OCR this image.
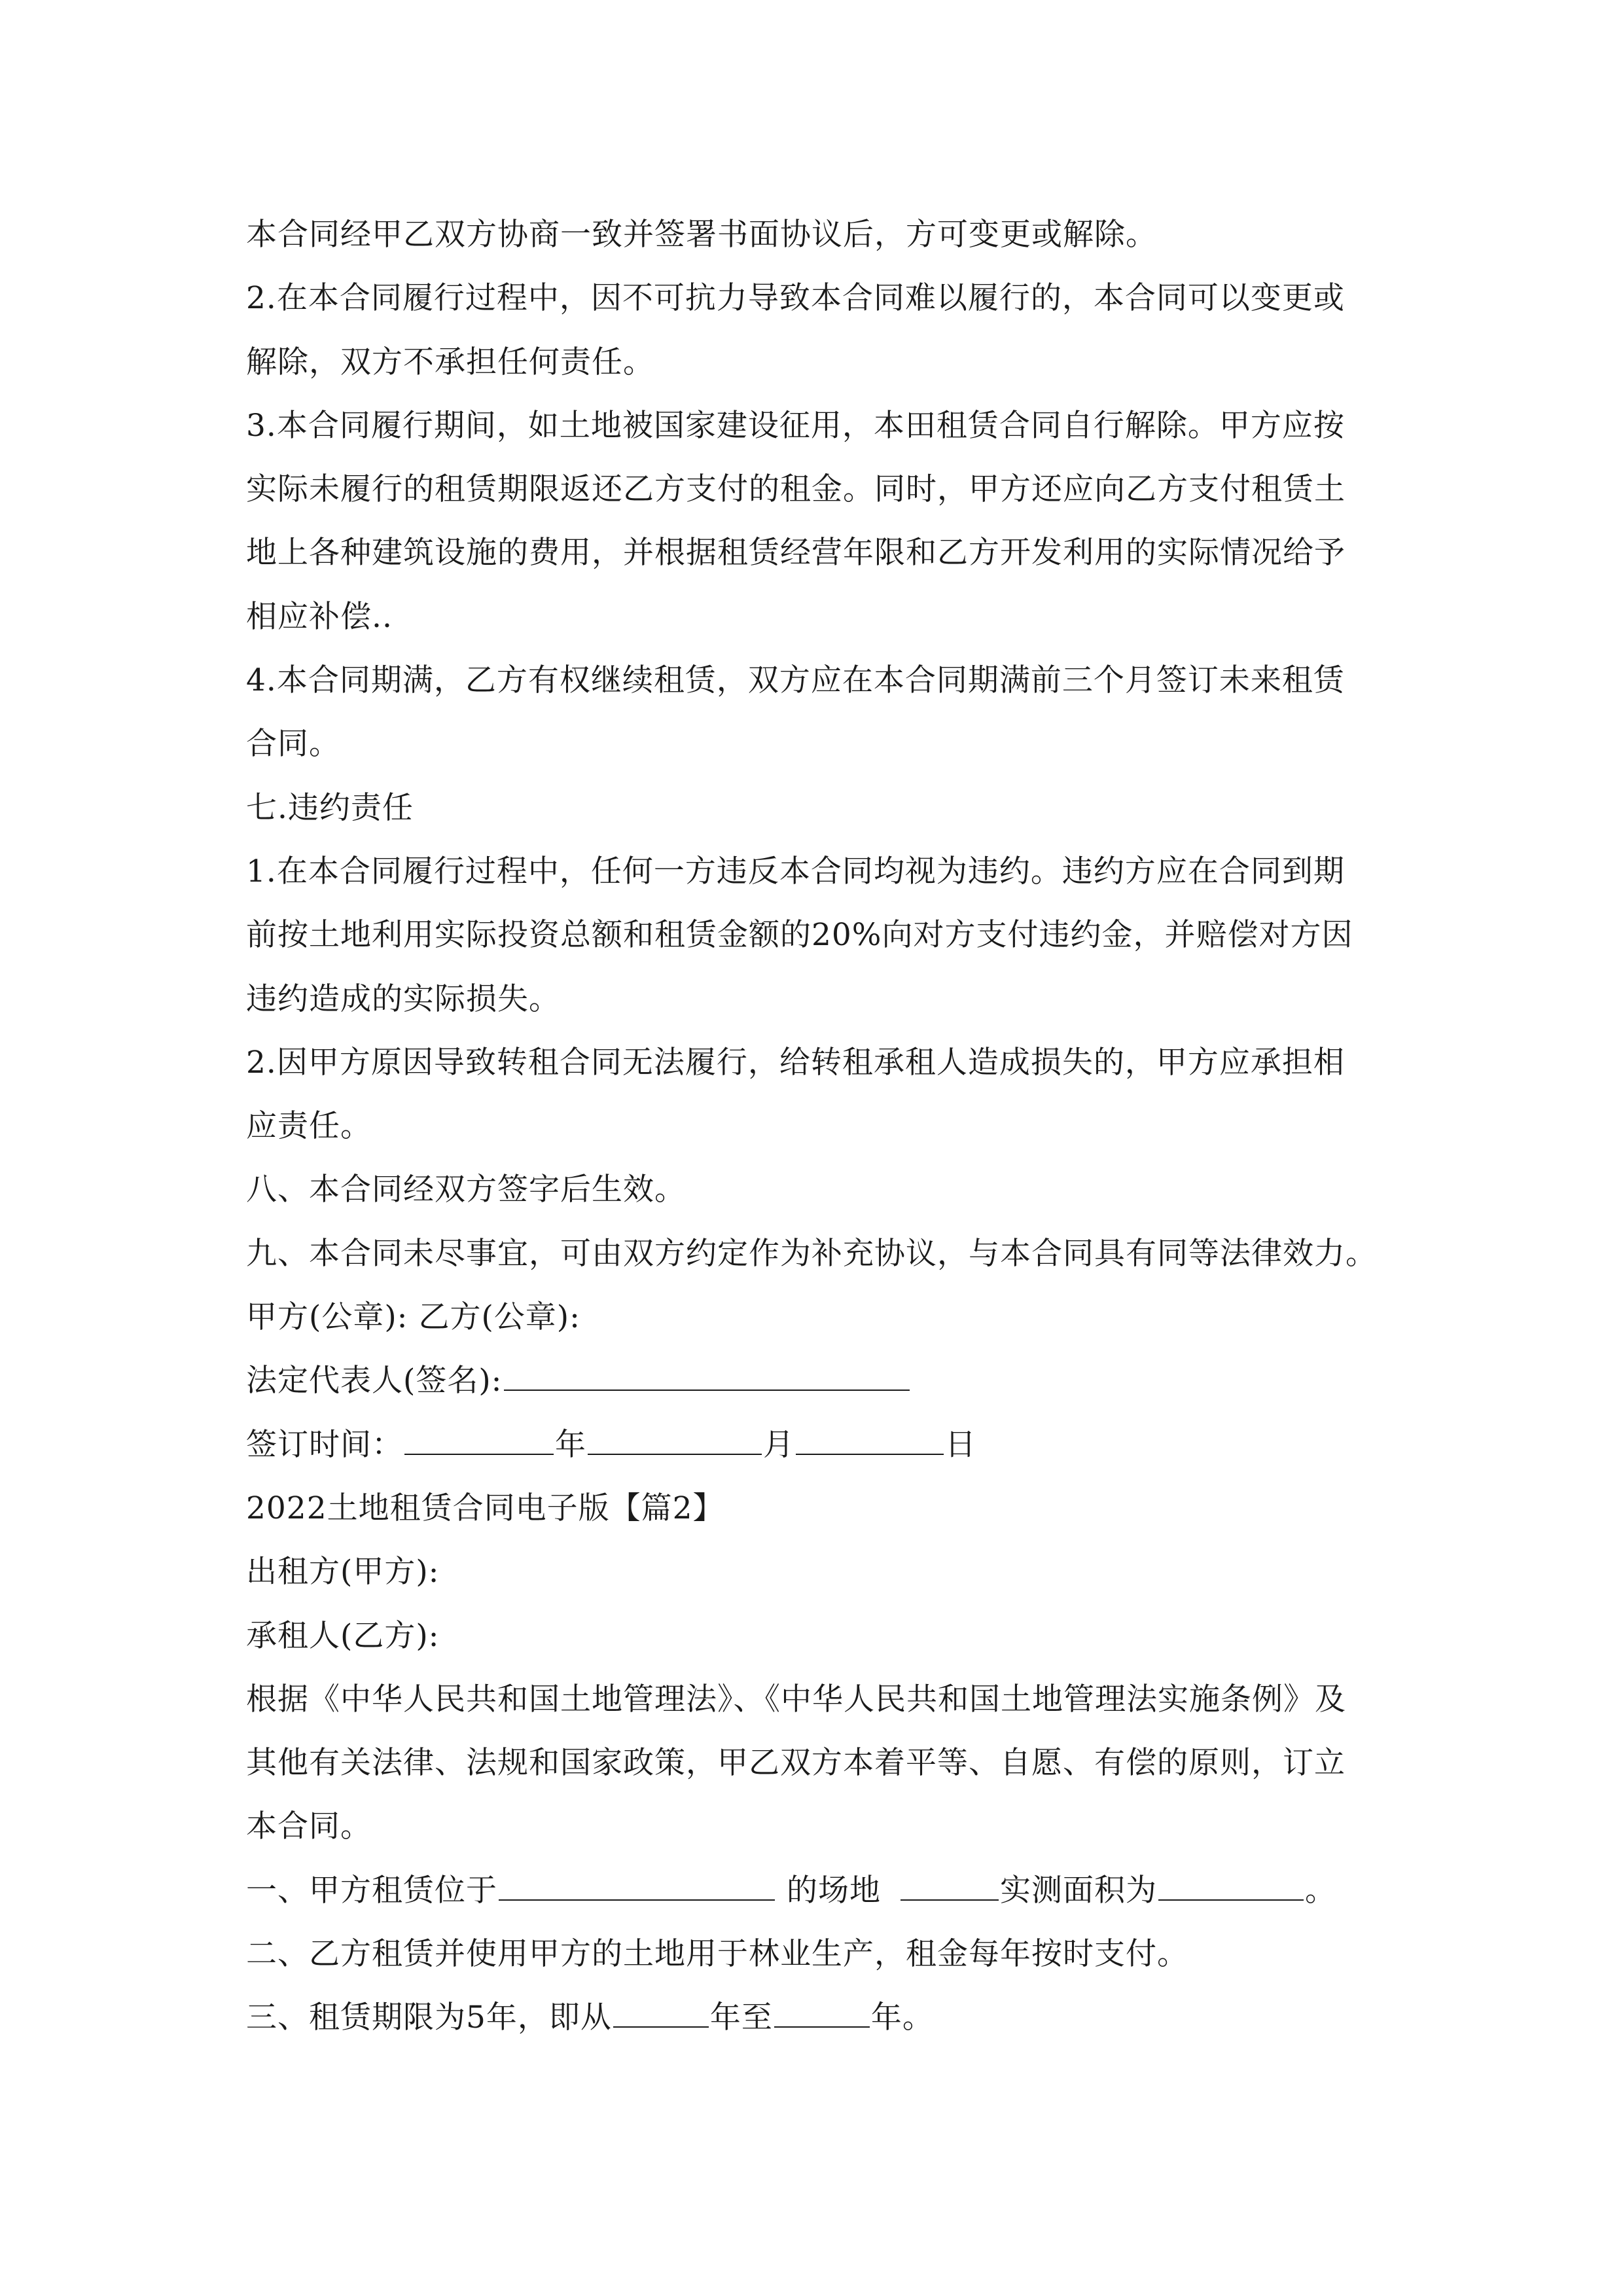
本合同经甲乙双方协商一致并签署书面协议后，方可变更或解除。
2.在本合同履行过程中，因不可抗力导致本合同难以履行的，本合同可以变更或
解除，双方不承担任何责任。
3.本合同履行期间，如土地被国家建设征用，本田租赁合同自行解除。甲方应按
实际未履行的租赁期限返还乙方支付的租金。同时，甲方还应向乙方支付租赁土
地上各种建筑设施的费用，并根据租赁经营年限和乙方开发利用的实际情况给予
相应补偿..
4.本合同期满，乙方有权继续租赁，双方应在本合同期满前三个月签订未来租赁
合同。
七.违约责任
1.在本合同履行过程中，任何一方违反本合同均视为违约。违约方应在合同到期
前按土地利用实际投资总额和租赁金额的20%向对方支付违约金，并赔偿对方因
违约造成的实际损失。
2.因甲方原因导致转租合同无法履行，给转租承租人造成损失的，甲方应承担相
应责任。
八、本合同经双方签字后生效。
九、本合同未尽事宜，可由双方约定作为补充协议，与本合同具有同等法律效力。
甲方(公章): 乙方(公章):
法定代表人(签名):
签订时间：	年	月	日
2022土地租赁合同电子版【篇2】
出租方(甲方):
承租人(乙方):
根据《中华人民共和国土地管理法》、《中华人民共和国土地管理法实施条例》及
其他有关法律、法规和国家政策，甲乙双方本着平等、自愿、有偿的原则，订立
本合同。
一、甲方租赁位于	的场地	实测面积为	。
二、乙方租赁并使用甲方的土地用于林业生产，租金每年按时支付。
三、租赁期限为5年，即从	年至	年。
